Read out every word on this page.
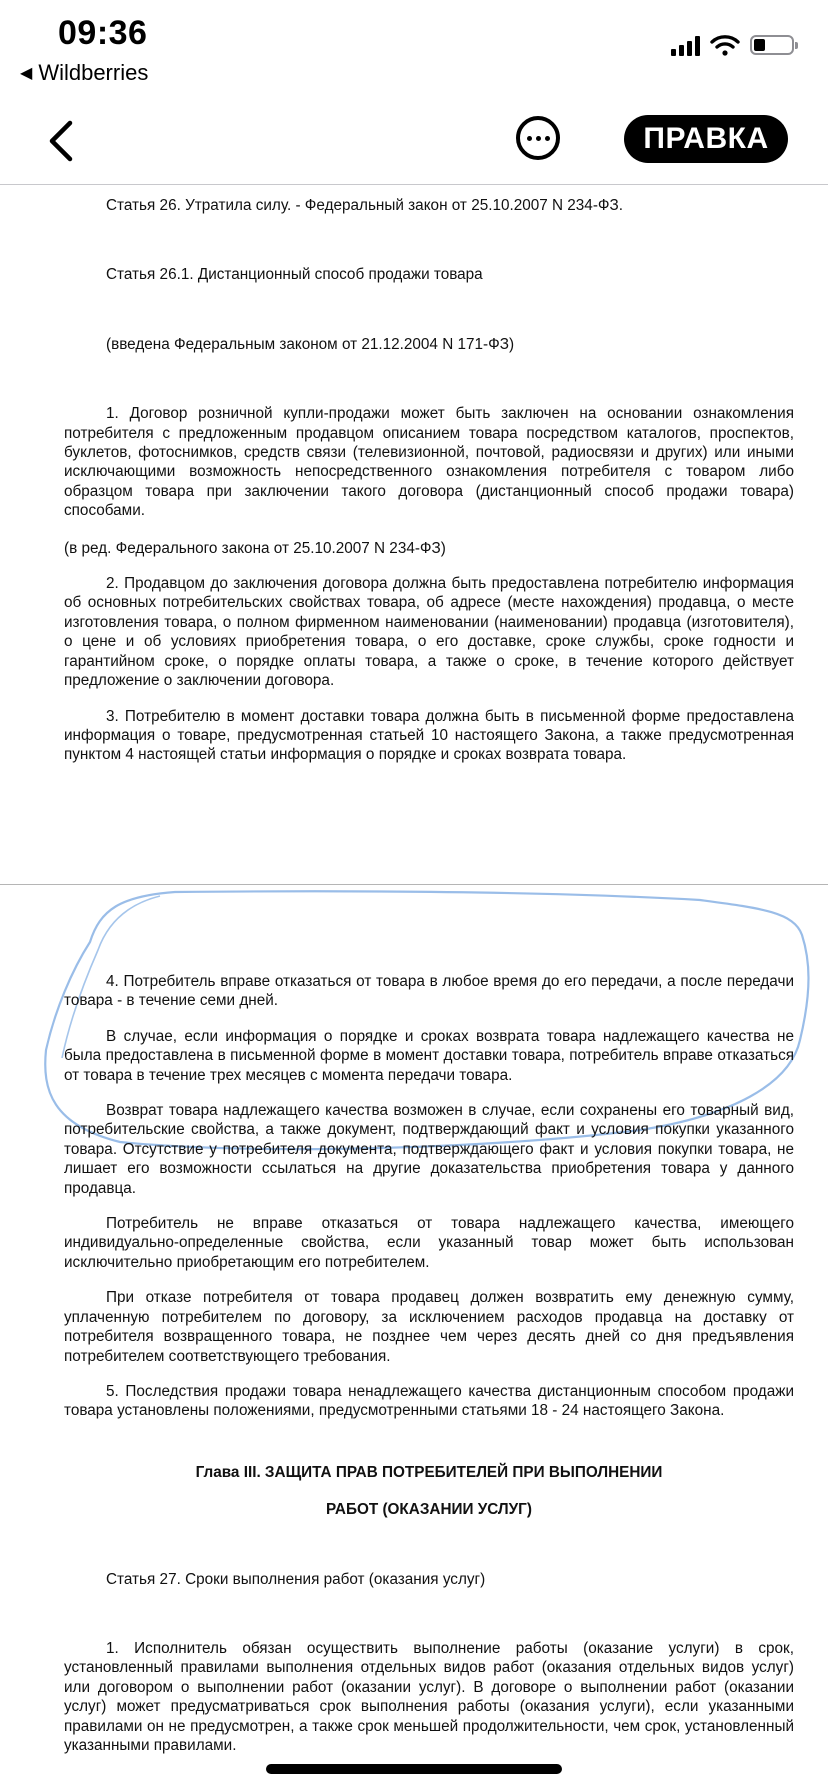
09:36
◀ Wildberries
ПРАВКА

Статья 26. Утратила силу. - Федеральный закон от 25.10.2007 N 234-ФЗ.

Статья 26.1. Дистанционный способ продажи товара

(введена Федеральным законом от 21.12.2004 N 171-ФЗ)

1. Договор розничной купли-продажи может быть заключен на основании ознакомления потребителя с предложенным продавцом описанием товара посредством каталогов, проспектов, буклетов, фотоснимков, средств связи (телевизионной, почтовой, радиосвязи и других) или иными исключающими возможность непосредственного ознакомления потребителя с товаром либо образцом товара при заключении такого договора (дистанционный способ продажи товара) способами.

(в ред. Федерального закона от 25.10.2007 N 234-ФЗ)

2. Продавцом до заключения договора должна быть предоставлена потребителю информация об основных потребительских свойствах товара, об адресе (месте нахождения) продавца, о месте изготовления товара, о полном фирменном наименовании (наименовании) продавца (изготовителя), о цене и об условиях приобретения товара, о его доставке, сроке службы, сроке годности и гарантийном сроке, о порядке оплаты товара, а также о сроке, в течение которого действует предложение о заключении договора.

3. Потребителю в момент доставки товара должна быть в письменной форме предоставлена информация о товаре, предусмотренная статьей 10 настоящего Закона, а также предусмотренная пунктом 4 настоящей статьи информация о порядке и сроках возврата товара.

4. Потребитель вправе отказаться от товара в любое время до его передачи, а после передачи товара - в течение семи дней.

В случае, если информация о порядке и сроках возврата товара надлежащего качества не была предоставлена в письменной форме в момент доставки товара, потребитель вправе отказаться от товара в течение трех месяцев с момента передачи товара.

Возврат товара надлежащего качества возможен в случае, если сохранены его товарный вид, потребительские свойства, а также документ, подтверждающий факт и условия покупки указанного товара. Отсутствие у потребителя документа, подтверждающего факт и условия покупки товара, не лишает его возможности ссылаться на другие доказательства приобретения товара у данного продавца.

Потребитель не вправе отказаться от товара надлежащего качества, имеющего индивидуально-определенные свойства, если указанный товар может быть использован исключительно приобретающим его потребителем.

При отказе потребителя от товара продавец должен возвратить ему денежную сумму, уплаченную потребителем по договору, за исключением расходов продавца на доставку от потребителя возвращенного товара, не позднее чем через десять дней со дня предъявления потребителем соответствующего требования.

5. Последствия продажи товара ненадлежащего качества дистанционным способом продажи товара установлены положениями, предусмотренными статьями 18 - 24 настоящего Закона.

Глава III. ЗАЩИТА ПРАВ ПОТРЕБИТЕЛЕЙ ПРИ ВЫПОЛНЕНИИ

РАБОТ (ОКАЗАНИИ УСЛУГ)

Статья 27. Сроки выполнения работ (оказания услуг)

1. Исполнитель обязан осуществить выполнение работы (оказание услуги) в срок, установленный правилами выполнения отдельных видов работ (оказания отдельных видов услуг) или договором о выполнении работ (оказании услуг). В договоре о выполнении работ (оказании услуг) может предусматриваться срок выполнения работы (оказания услуги), если указанными правилами он не предусмотрен, а также срок меньшей продолжительности, чем срок, установленный указанными правилами.
